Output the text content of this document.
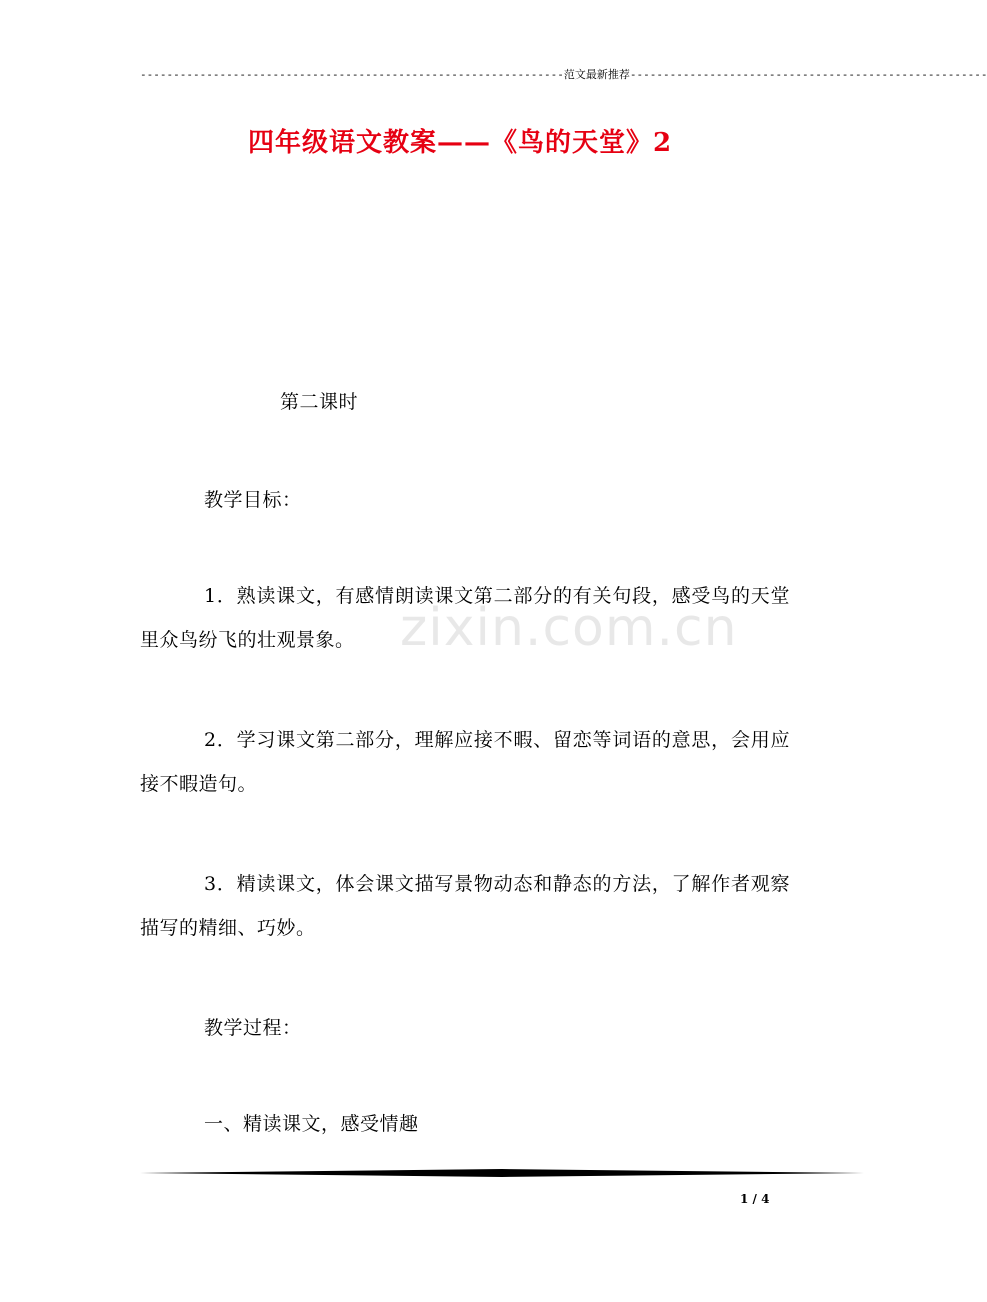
----------------------------------------------------------------范文最新推荐------------------------------------------------------
四年级语文教案——《鸟的天堂》2
第二课时
教学目标：
1．熟读课文，有感情朗读课文第二部分的有关句段，感受鸟的天堂里众鸟纷飞的壮观景象。
2．学习课文第二部分，理解应接不暇、留恋等词语的意思，会用应接不暇造句。
3．精读课文，体会课文描写景物动态和静态的方法，了解作者观察描写的精细、巧妙。
教学过程：
一、精读课文，感受情趣
zixin.com.cn
1 / 4
